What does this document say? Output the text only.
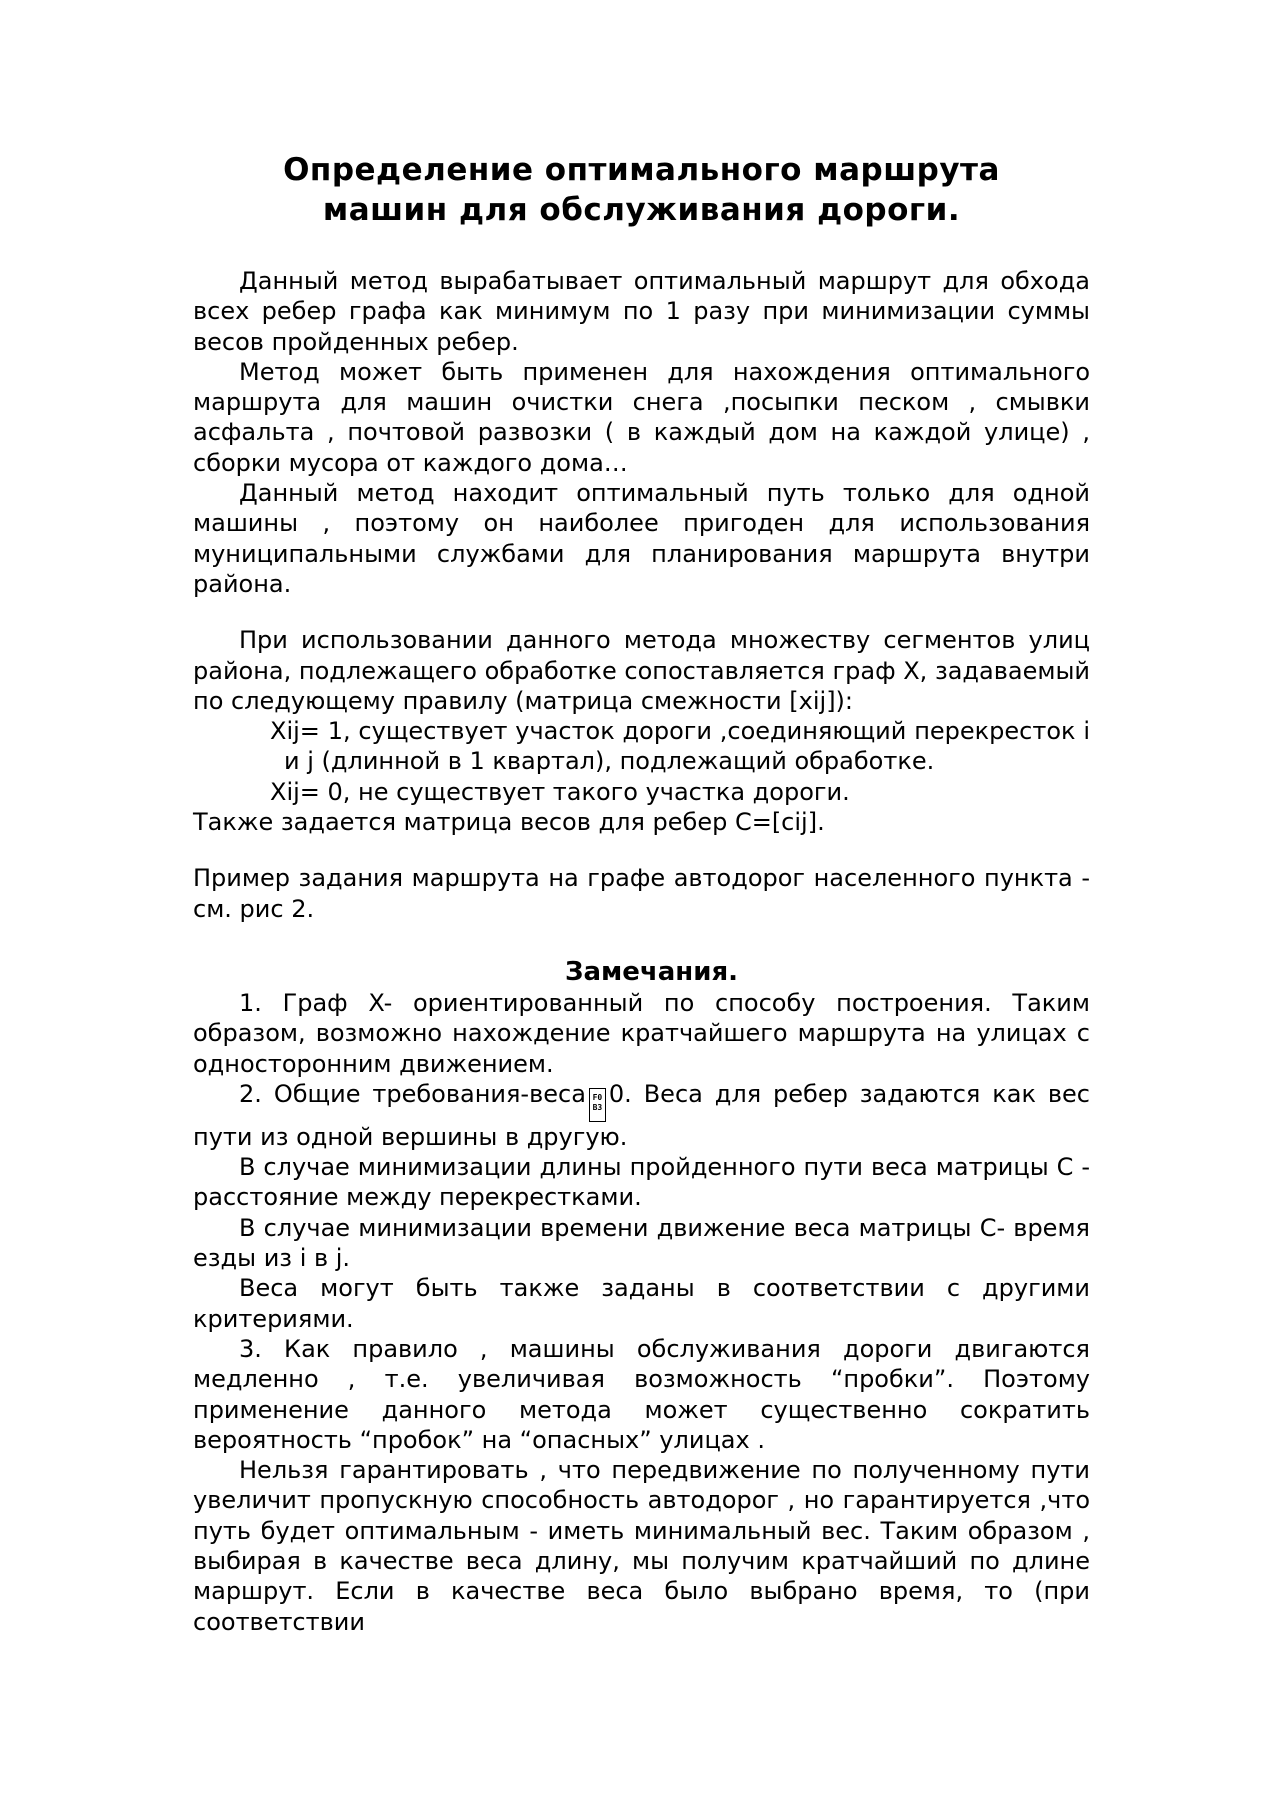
Определение оптимального маршрута
машин для обслуживания дороги.

Данный метод вырабатывает оптимальный маршрут для обхода всех ребер графа как минимум по 1 разу при минимизации суммы весов пройденных ребер.

Метод может быть применен для нахождения оптимального маршрута для машин очистки снега ,посыпки песком , смывки асфальта , почтовой развозки ( в каждый дом на каждой улице) , сборки мусора от каждого дома…

Данный метод находит оптимальный путь только для одной машины , поэтому он наиболее пригоден для использования муниципальными службами для планирования маршрута внутри района.

При использовании данного метода множеству сегментов улиц района, подлежащего обработке сопоставляется граф X, задаваемый по следующему правилу (матрица смежности [xij]):

Xij= 1, существует участок дороги ,соединяющий перекресток i и j (длинной в 1 квартал), подлежащий обработке.

Xij= 0, не существует такого участка дороги.

Также задается матрица весов для ребер C=[cij].

Пример задания маршрута на графе автодорог населенного пункта - см. рис 2.

Замечания.

1. Граф X- ориентированный по способу построения. Таким образом, возможно нахождение кратчайшего маршрута на улицах с односторонним движением.

2. Общие требования-веса F0
B3 0. Веса для ребер задаются как вес пути из одной вершины в другую.

В случае минимизации длины пройденного пути веса матрицы C - расстояние между перекрестками.

В случае минимизации времени движение веса матрицы C- время езды из i в j.

Веса могут быть также заданы в соответствии с другими критериями.

3. Как правило , машины обслуживания дороги двигаются медленно , т.е. увеличивая возможность “пробки”. Поэтому применение данного метода может существенно сократить вероятность “пробок” на “опасных” улицах .

Нельзя гарантировать , что передвижение по полученному пути увеличит пропускную способность автодорог , но гарантируется ,что путь будет оптимальным - иметь минимальный вес. Таким образом , выбирая в качестве веса длину, мы получим кратчайший по длине маршрут. Если в качестве веса было выбрано время, то (при соответствии
